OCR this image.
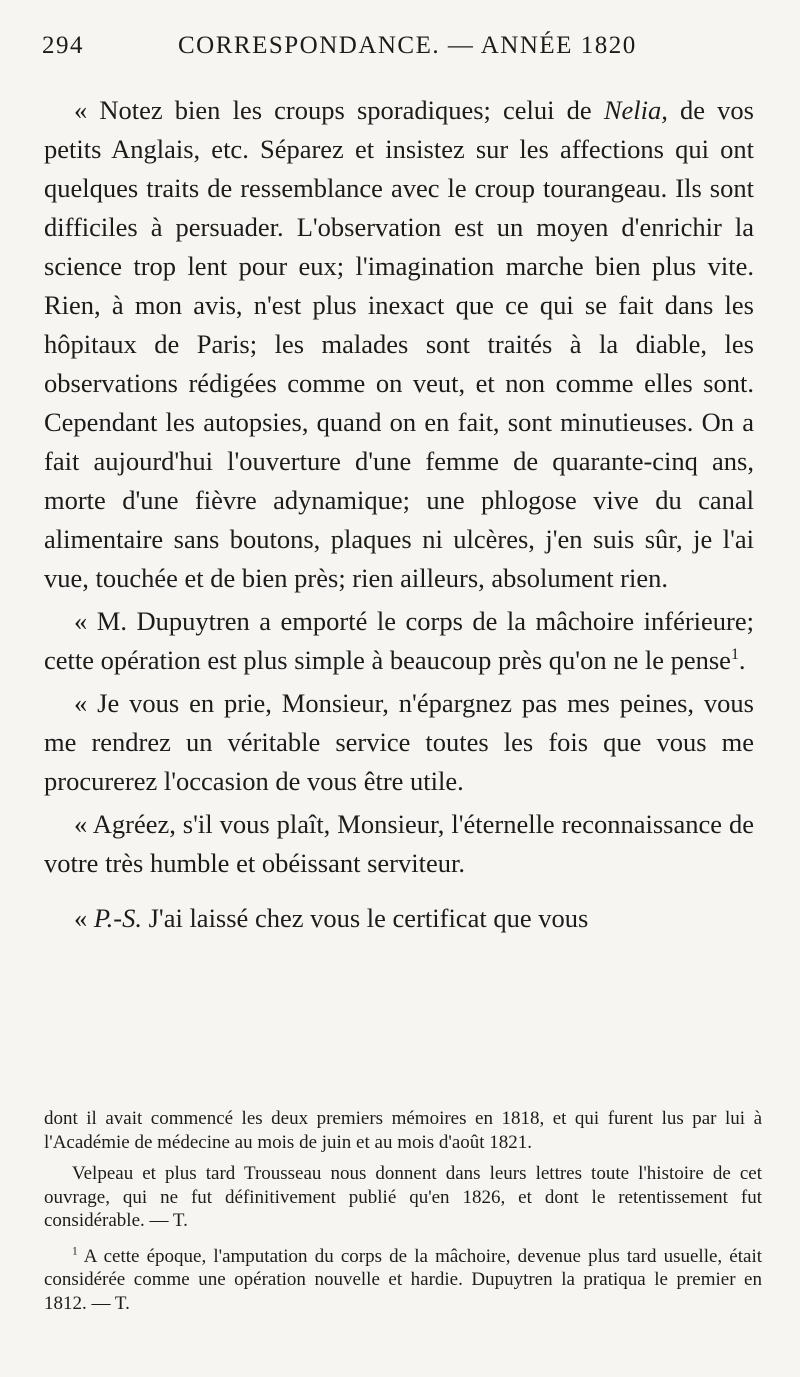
294	CORRESPONDANCE. — ANNÉE 1820

« Notez bien les croups sporadiques; celui de Nelia, de vos petits Anglais, etc. Séparez et insistez sur les affections qui ont quelques traits de ressemblance avec le croup tourangeau. Ils sont difficiles à persuader. L'observation est un moyen d'enrichir la science trop lent pour eux; l'imagination marche bien plus vite. Rien, à mon avis, n'est plus inexact que ce qui se fait dans les hôpitaux de Paris; les malades sont traités à la diable, les observations rédigées comme on veut, et non comme elles sont. Cependant les autopsies, quand on en fait, sont minutieuses. On a fait aujourd'hui l'ouverture d'une femme de quarante-cinq ans, morte d'une fièvre adynamique; une phlogose vive du canal alimentaire sans boutons, plaques ni ulcères, j'en suis sûr, je l'ai vue, touchée et de bien près; rien ailleurs, absolument rien.

« M. Dupuytren a emporté le corps de la mâchoire inférieure; cette opération est plus simple à beaucoup près qu'on ne le pense$^1$.

« Je vous en prie, Monsieur, n'épargnez pas mes peines, vous me rendrez un véritable service toutes les fois que vous me procurerez l'occasion de vous être utile.

« Agréez, s'il vous plaît, Monsieur, l'éternelle reconnaissance de votre très humble et obéissant serviteur.

« P.-S. J'ai laissé chez vous le certificat que vous

dont il avait commencé les deux premiers mémoires en 1818, et qui furent lus par lui à l'Académie de médecine au mois de juin et au mois d'août 1821.

Velpeau et plus tard Trousseau nous donnent dans leurs lettres toute l'histoire de cet ouvrage, qui ne fut définitivement publié qu'en 1826, et dont le retentissement fut considérable. — T.

$^1$ A cette époque, l'amputation du corps de la mâchoire, devenue plus tard usuelle, était considérée comme une opération nouvelle et hardie. Dupuytren la pratiqua le premier en 1812. — T.
